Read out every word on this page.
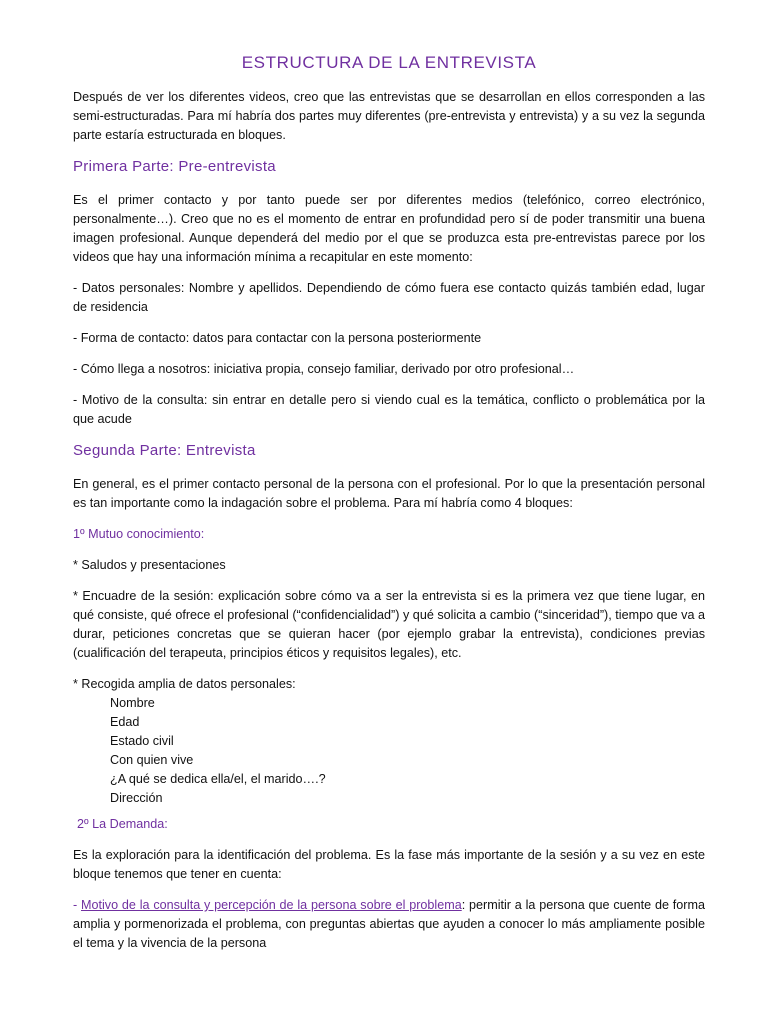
ESTRUCTURA DE LA ENTREVISTA

Después de ver los diferentes videos, creo que las entrevistas que se desarrollan en ellos corresponden a las semi-estructuradas. Para mí habría dos partes muy diferentes (pre-entrevista y entrevista) y a su vez la segunda parte estaría estructurada en bloques.

Primera Parte: Pre-entrevista

Es el primer contacto y por tanto puede ser por diferentes medios (telefónico, correo electrónico, personalmente…). Creo que no es el momento de entrar en profundidad pero sí de poder transmitir una buena imagen profesional. Aunque dependerá del medio por el que se produzca esta pre-entrevistas parece por los videos que hay una información mínima a recapitular en este momento:

- Datos personales: Nombre y apellidos. Dependiendo de cómo fuera ese contacto quizás también edad, lugar de residencia

- Forma de contacto: datos para contactar con la persona posteriormente

- Cómo llega a nosotros: iniciativa propia, consejo familiar, derivado por otro profesional…

- Motivo de la consulta: sin entrar en detalle pero si viendo cual es la temática, conflicto o problemática por la que acude

Segunda Parte: Entrevista

En general, es el primer contacto personal de la persona con el profesional. Por lo que la presentación personal es tan importante como la indagación sobre el problema. Para mí habría como 4 bloques:

1º Mutuo conocimiento:

* Saludos y presentaciones

* Encuadre de la sesión: explicación sobre cómo va a ser la entrevista si es la primera vez que tiene lugar, en qué consiste, qué ofrece el profesional (“confidencialidad”) y qué solicita a cambio (“sinceridad”), tiempo que va a durar, peticiones concretas que se quieran hacer (por ejemplo grabar la entrevista), condiciones previas (cualificación del terapeuta, principios éticos y requisitos legales), etc.

* Recogida amplia de datos personales:

Nombre
Edad
Estado civil
Con quien vive
¿A qué se dedica ella/el, el marido….?
Dirección

2º La Demanda:

Es la exploración para la identificación del problema. Es la fase más importante de la sesión y a su vez en este bloque tenemos que tener en cuenta:

- Motivo de la consulta y percepción de la persona sobre el problema: permitir a la persona que cuente de forma amplia y pormenorizada el problema, con preguntas abiertas que ayuden a conocer lo más ampliamente posible el tema y la vivencia de la persona
